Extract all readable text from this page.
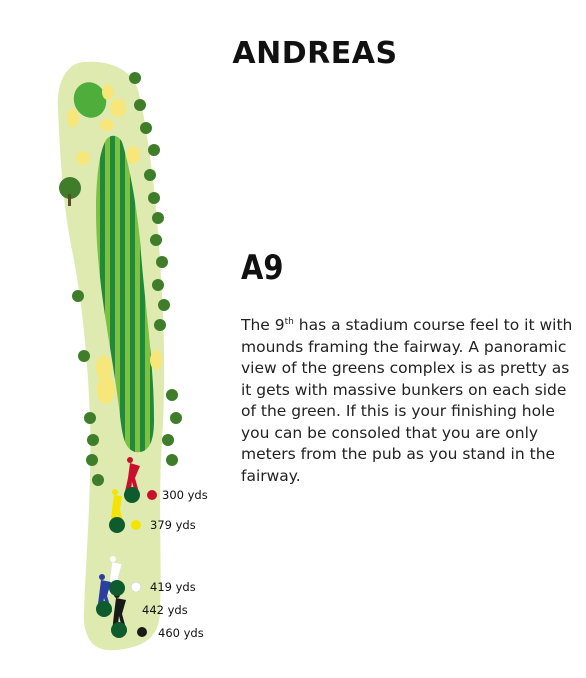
300 yds
379 yds
419 yds
442 yds
460 yds
ANDREAS
A9
The 9th has a stadium course feel to it with mounds framing the fairway. A panoramic view of the greens complex is as pretty as it gets with massive bunkers on each side of the green. If this is your finishing hole you can be consoled that you are only meters from the pub as you stand in the fairway.
